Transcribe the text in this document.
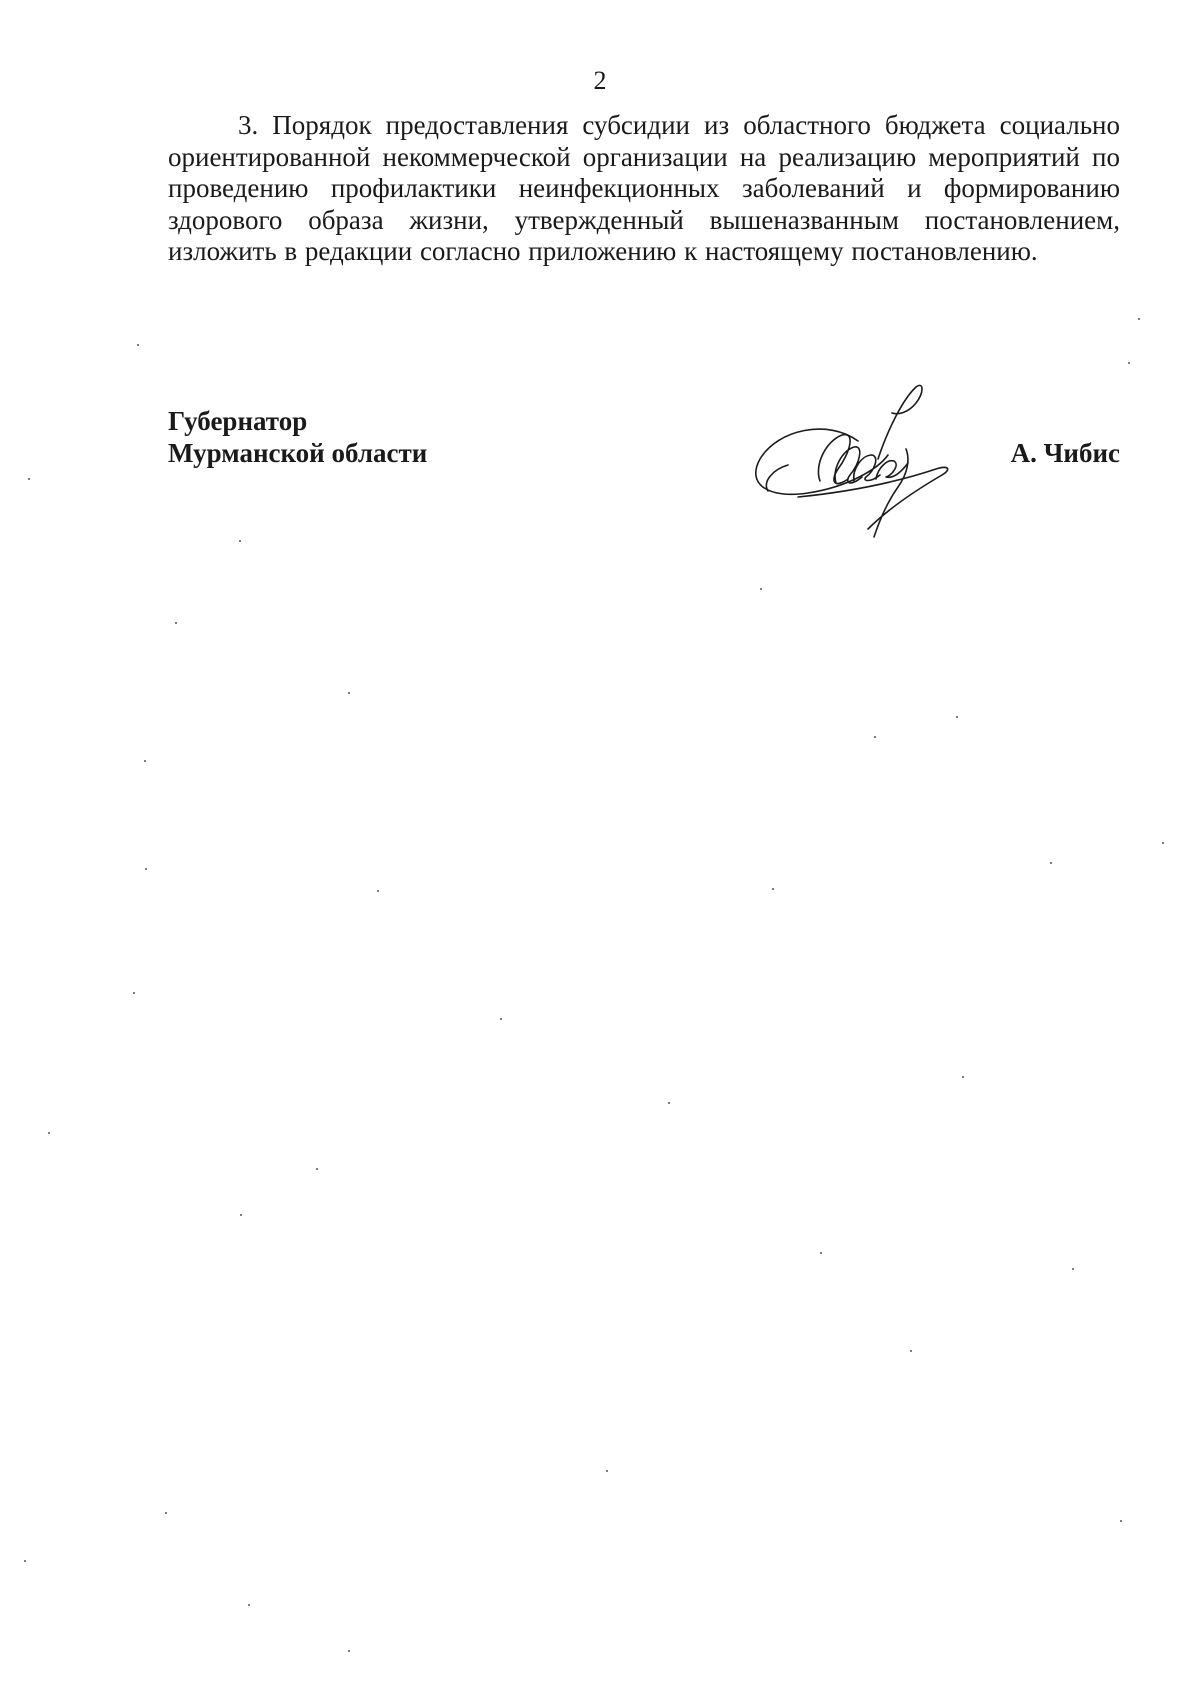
2

3. Порядок предоставления субсидии из областного бюджета социально ориентированной некоммерческой организации на реализацию мероприятий по проведению профилактики неинфекционных заболеваний и формированию здорового образа жизни, утвержденный вышеназванным постановлением, изложить в редакции согласно приложению к настоящему постановлению.

Губернатор
Мурманской области	А. Чибис
